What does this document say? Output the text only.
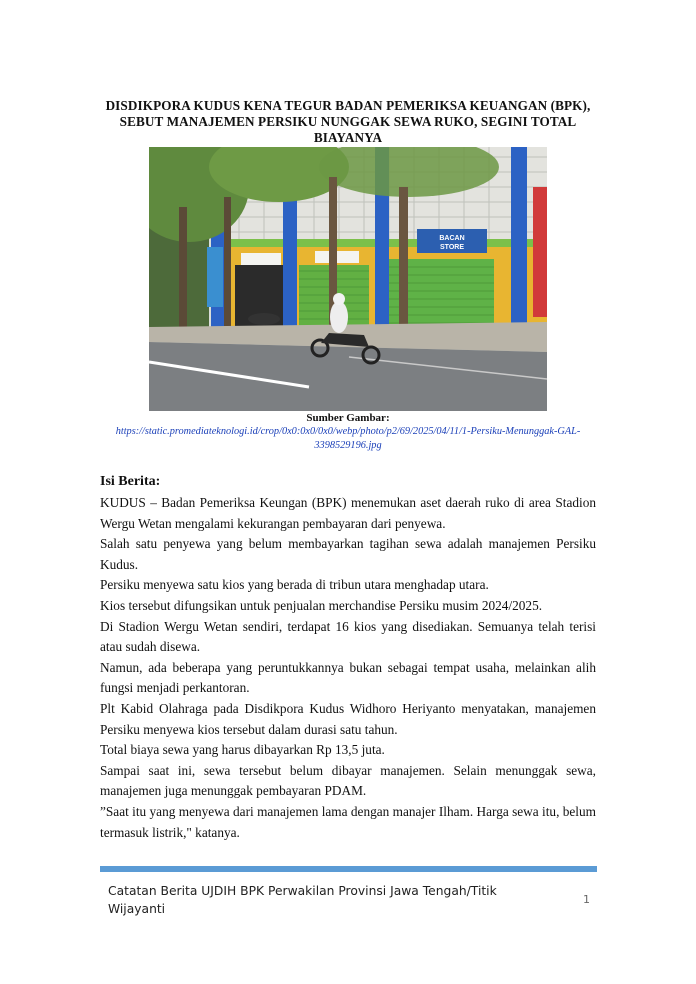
DISDIKPORA KUDUS KENA TEGUR BADAN PEMERIKSA KEUANGAN (BPK), SEBUT MANAJEMEN PERSIKU NUNGGAK SEWA RUKO, SEGINI TOTAL BIAYANYA
BACAN
STORE
Sumber Gambar:
https://static.promediateknologi.id/crop/0x0:0x0/0x0/webp/photo/p2/69/2025/04/11/1-Persiku-Menunggak-GAL-3398529196.jpg
Isi Berita:

KUDUS – Badan Pemeriksa Keungan (BPK) menemukan aset daerah ruko di area Stadion Wergu Wetan mengalami kekurangan pembayaran dari penyewa.

Salah satu penyewa yang belum membayarkan tagihan sewa adalah manajemen Persiku Kudus.

Persiku menyewa satu kios yang berada di tribun utara menghadap utara.

Kios tersebut difungsikan untuk penjualan merchandise Persiku musim 2024/2025.

Di Stadion Wergu Wetan sendiri, terdapat 16 kios yang disediakan. Semuanya telah terisi atau sudah disewa.

Namun, ada beberapa yang peruntukkannya bukan sebagai tempat usaha, melainkan alih fungsi menjadi perkantoran.

Plt Kabid Olahraga pada Disdikpora Kudus Widhoro Heriyanto menyatakan, manajemen Persiku menyewa kios tersebut dalam durasi satu tahun.

Total biaya sewa yang harus dibayarkan Rp 13,5 juta.

Sampai saat ini, sewa tersebut belum dibayar manajemen. Selain menunggak sewa, manajemen juga menunggak pembayaran PDAM.

”Saat itu yang menyewa dari manajemen lama dengan manajer Ilham. Harga sewa itu, belum termasuk listrik," katanya.

Catatan Berita UJDIH BPK Perwakilan Provinsi Jawa Tengah/Titik Wijayanti
1
